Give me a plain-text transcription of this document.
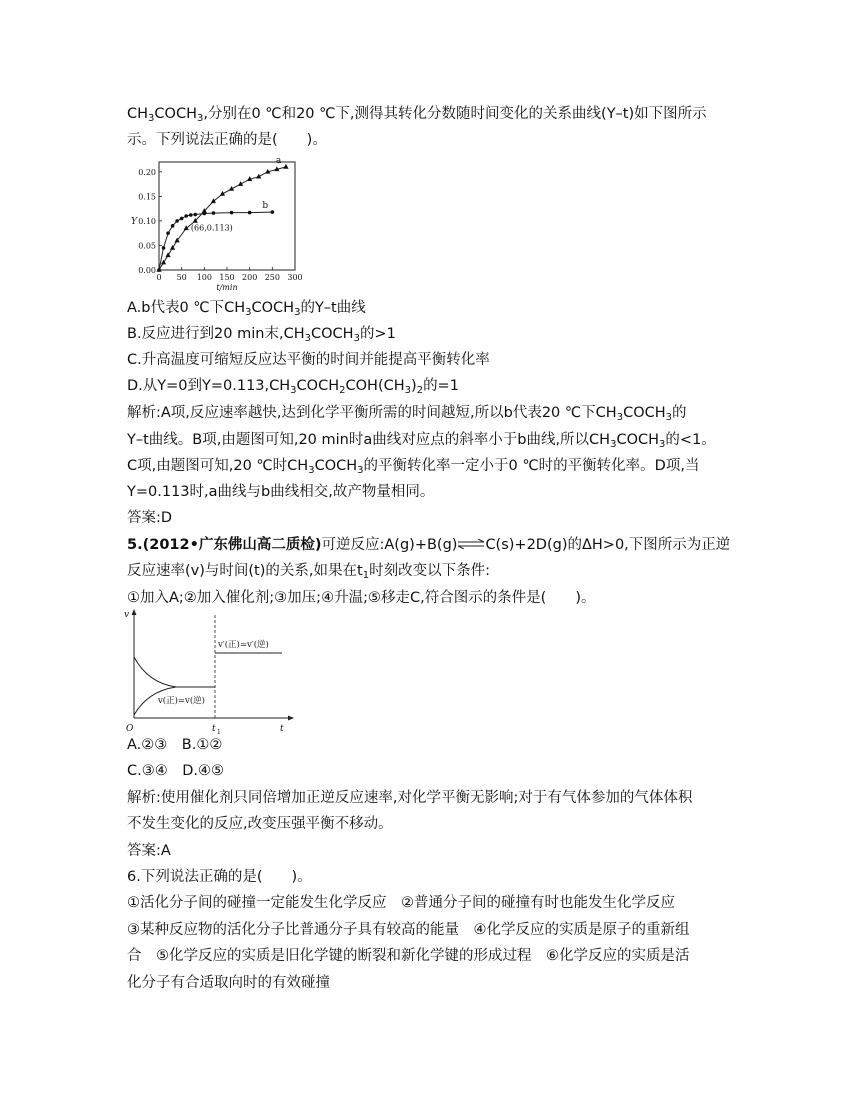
$CH_3COCH_3$,分别在0 ℃和20 ℃下,测得其转化分数随时间变化的关系曲线(Y–t)如下图所示
示。下列说法正确的是(　　)。
0 50 100 150 200 250 300
0.00
0.05
0.10
0.15
0.20
t/min
Y
a
b
(66,0.113)
A.b代表0 ℃下$CH_3COCH_3$的Y–t曲线
B.反应进行到20 min末$,CH_3COCH_3$的>1
C.升高温度可缩短反应达平衡的时间并能提高平衡转化率
D.从Y=0到$Y=0.113,CH_3COCH_2COH(CH_3)_2$的=1
解析:A项,反应速率越快,达到化学平衡所需的时间越短,所以b代表20 ℃下$CH_3COCH_3$的
Y–t曲线。B项,由题图可知,20 min时a曲线对应点的斜率小于b曲线,所以$CH_3COCH_3$的<1。
C项,由题图可知,20 ℃时$CH_3COCH_3$的平衡转化率一定小于0 ℃时的平衡转化率。D项,当
Y=0.113时,a曲线与b曲线相交,故产物量相同。
答案:D
5.(2012•广东佛山高二质检)可逆反应:A(g)+B(g)⇌C(s)+2D(g)的ΔH>0,下图所示为正逆
反应速率(v)与时间(t)的关系,如果在$t_1$时刻改变以下条件:
①加入A;②加入催化剂;③加压;④升温;⑤移走C,符合图示的条件是(　　)。
v
t
O	t 1
v(正)=v(逆)
v′(正)=v′(逆)
A.②③　B.①②
C.③④　D.④⑤
解析:使用催化剂只同倍增加正逆反应速率,对化学平衡无影响;对于有气体参加的气体体积
不发生变化的反应,改变压强平衡不移动。
答案:A
6.下列说法正确的是(　　)。
①活化分子间的碰撞一定能发生化学反应　②普通分子间的碰撞有时也能发生化学反应
③某种反应物的活化分子比普通分子具有较高的能量　④化学反应的实质是原子的重新组
合　⑤化学反应的实质是旧化学键的断裂和新化学键的形成过程　⑥化学反应的实质是活
化分子有合适取向时的有效碰撞
